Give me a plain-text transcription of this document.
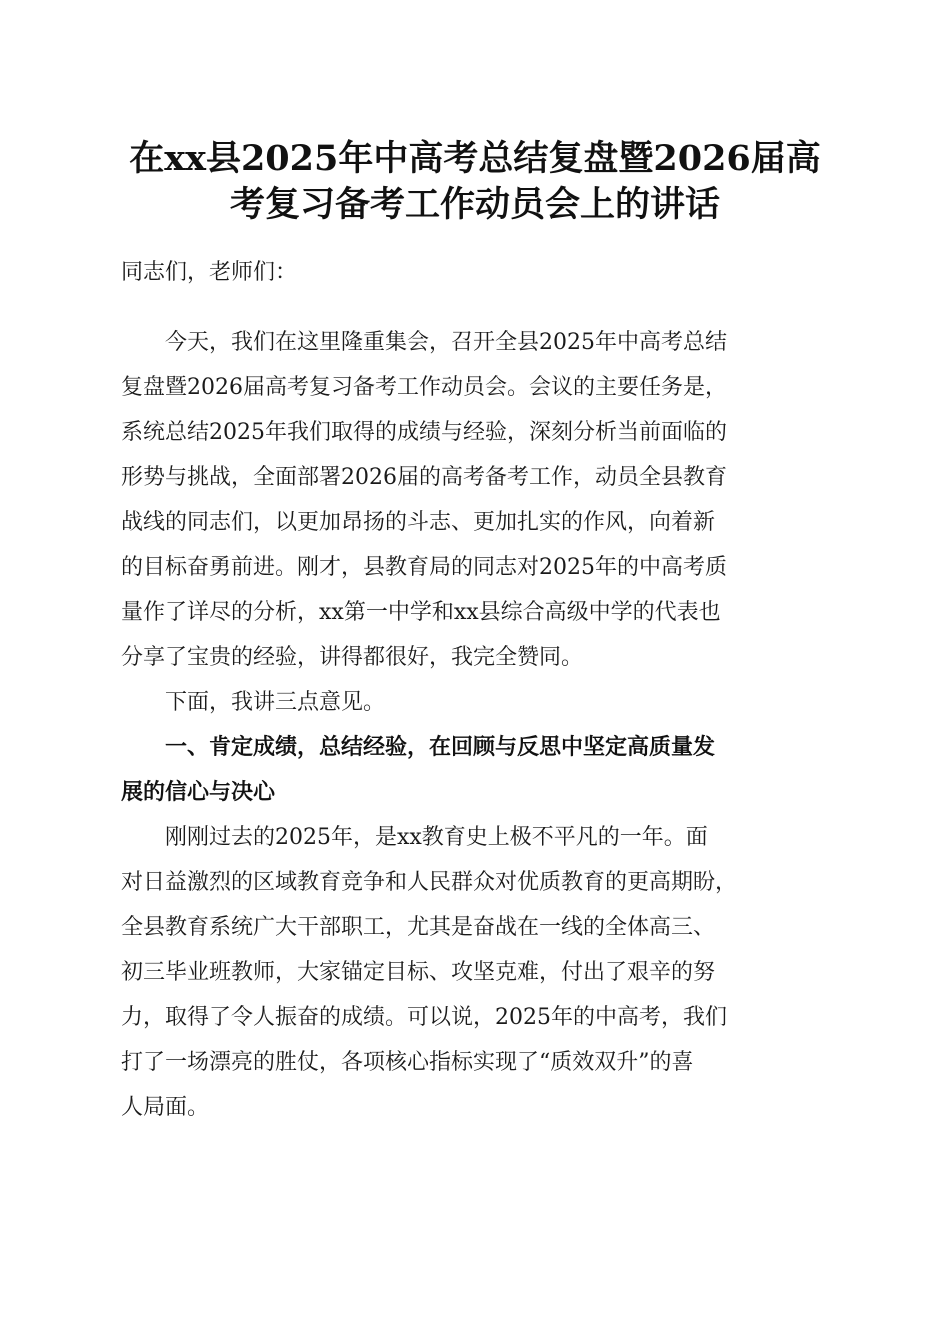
在xx县2025年中高考总结复盘暨2026届高
考复习备考工作动员会上的讲话

同志们，老师们：

今天，我们在这里隆重集会，召开全县2025年中高考总结

复盘暨2026届高考复习备考工作动员会。会议的主要任务是，

系统总结2025年我们取得的成绩与经验，深刻分析当前面临的

形势与挑战，全面部署2026届的高考备考工作，动员全县教育

战线的同志们，以更加昂扬的斗志、更加扎实的作风，向着新

的目标奋勇前进。刚才，县教育局的同志对2025年的中高考质

量作了详尽的分析，xx第一中学和xx县综合高级中学的代表也

分享了宝贵的经验，讲得都很好，我完全赞同。

下面，我讲三点意见。

一、肯定成绩，总结经验，在回顾与反思中坚定高质量发

展的信心与决心

刚刚过去的2025年，是xx教育史上极不平凡的一年。面

对日益激烈的区域教育竞争和人民群众对优质教育的更高期盼，

全县教育系统广大干部职工，尤其是奋战在一线的全体高三、

初三毕业班教师，大家锚定目标、攻坚克难，付出了艰辛的努

力，取得了令人振奋的成绩。可以说，2025年的中高考，我们

打了一场漂亮的胜仗，各项核心指标实现了“质效双升”的喜

人局面。
